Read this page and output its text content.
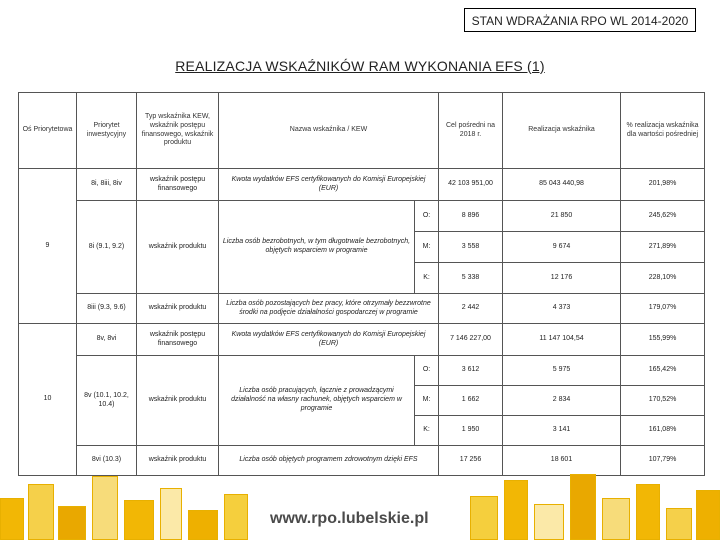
STAN WDRAŻANIA RPO WL 2014-2020
REALIZACJA WSKAŹNIKÓW RAM WYKONANIA EFS (1)
Oś Priorytetowa	Priorytet inwestycyjny	Typ wskaźnika KEW, wskaźnik postępu finansowego, wskaźnik produktu	Nazwa wskaźnika / KEW		Cel pośredni na 2018 r.	Realizacja wskaźnika	% realizacja wskaźnika dla wartości pośredniej
9	8i, 8iii, 8iv	wskaźnik postępu finansowego	Kwota wydatków EFS certyfikowanych do Komisji Europejskiej (EUR)		42 103 951,00	85 043 440,98	201,98%
	8i (9.1, 9.2)	wskaźnik produktu	Liczba osób bezrobotnych, w tym długotrwale bezrobotnych, objętych wsparciem w programie	O:	8 896	21 850	245,62%
				M:	3 558	9 674	271,89%
				K:	5 338	12 176	228,10%
	8iii (9.3, 9.6)	wskaźnik produktu	Liczba osób pozostających bez pracy, które otrzymały bezzwrotne środki na podjęcie działalności gospodarczej w programie		2 442	4 373	179,07%
10	8v, 8vi	wskaźnik postępu finansowego	Kwota wydatków EFS certyfikowanych do Komisji Europejskiej (EUR)		7 146 227,00	11 147 104,54	155,99%
	8v (10.1, 10.2, 10.4)	wskaźnik produktu	Liczba osób pracujących, łącznie z prowadzącymi działalność na własny rachunek, objętych wsparciem w programie	O:	3 612	5 975	165,42%
				M:	1 662	2 834	170,52%
				K:	1 950	3 141	161,08%
	8vi (10.3)	wskaźnik produktu	Liczba osób objętych programem zdrowotnym dzięki EFS		17 256	18 601	107,79%
www.rpo.lubelskie.pl
